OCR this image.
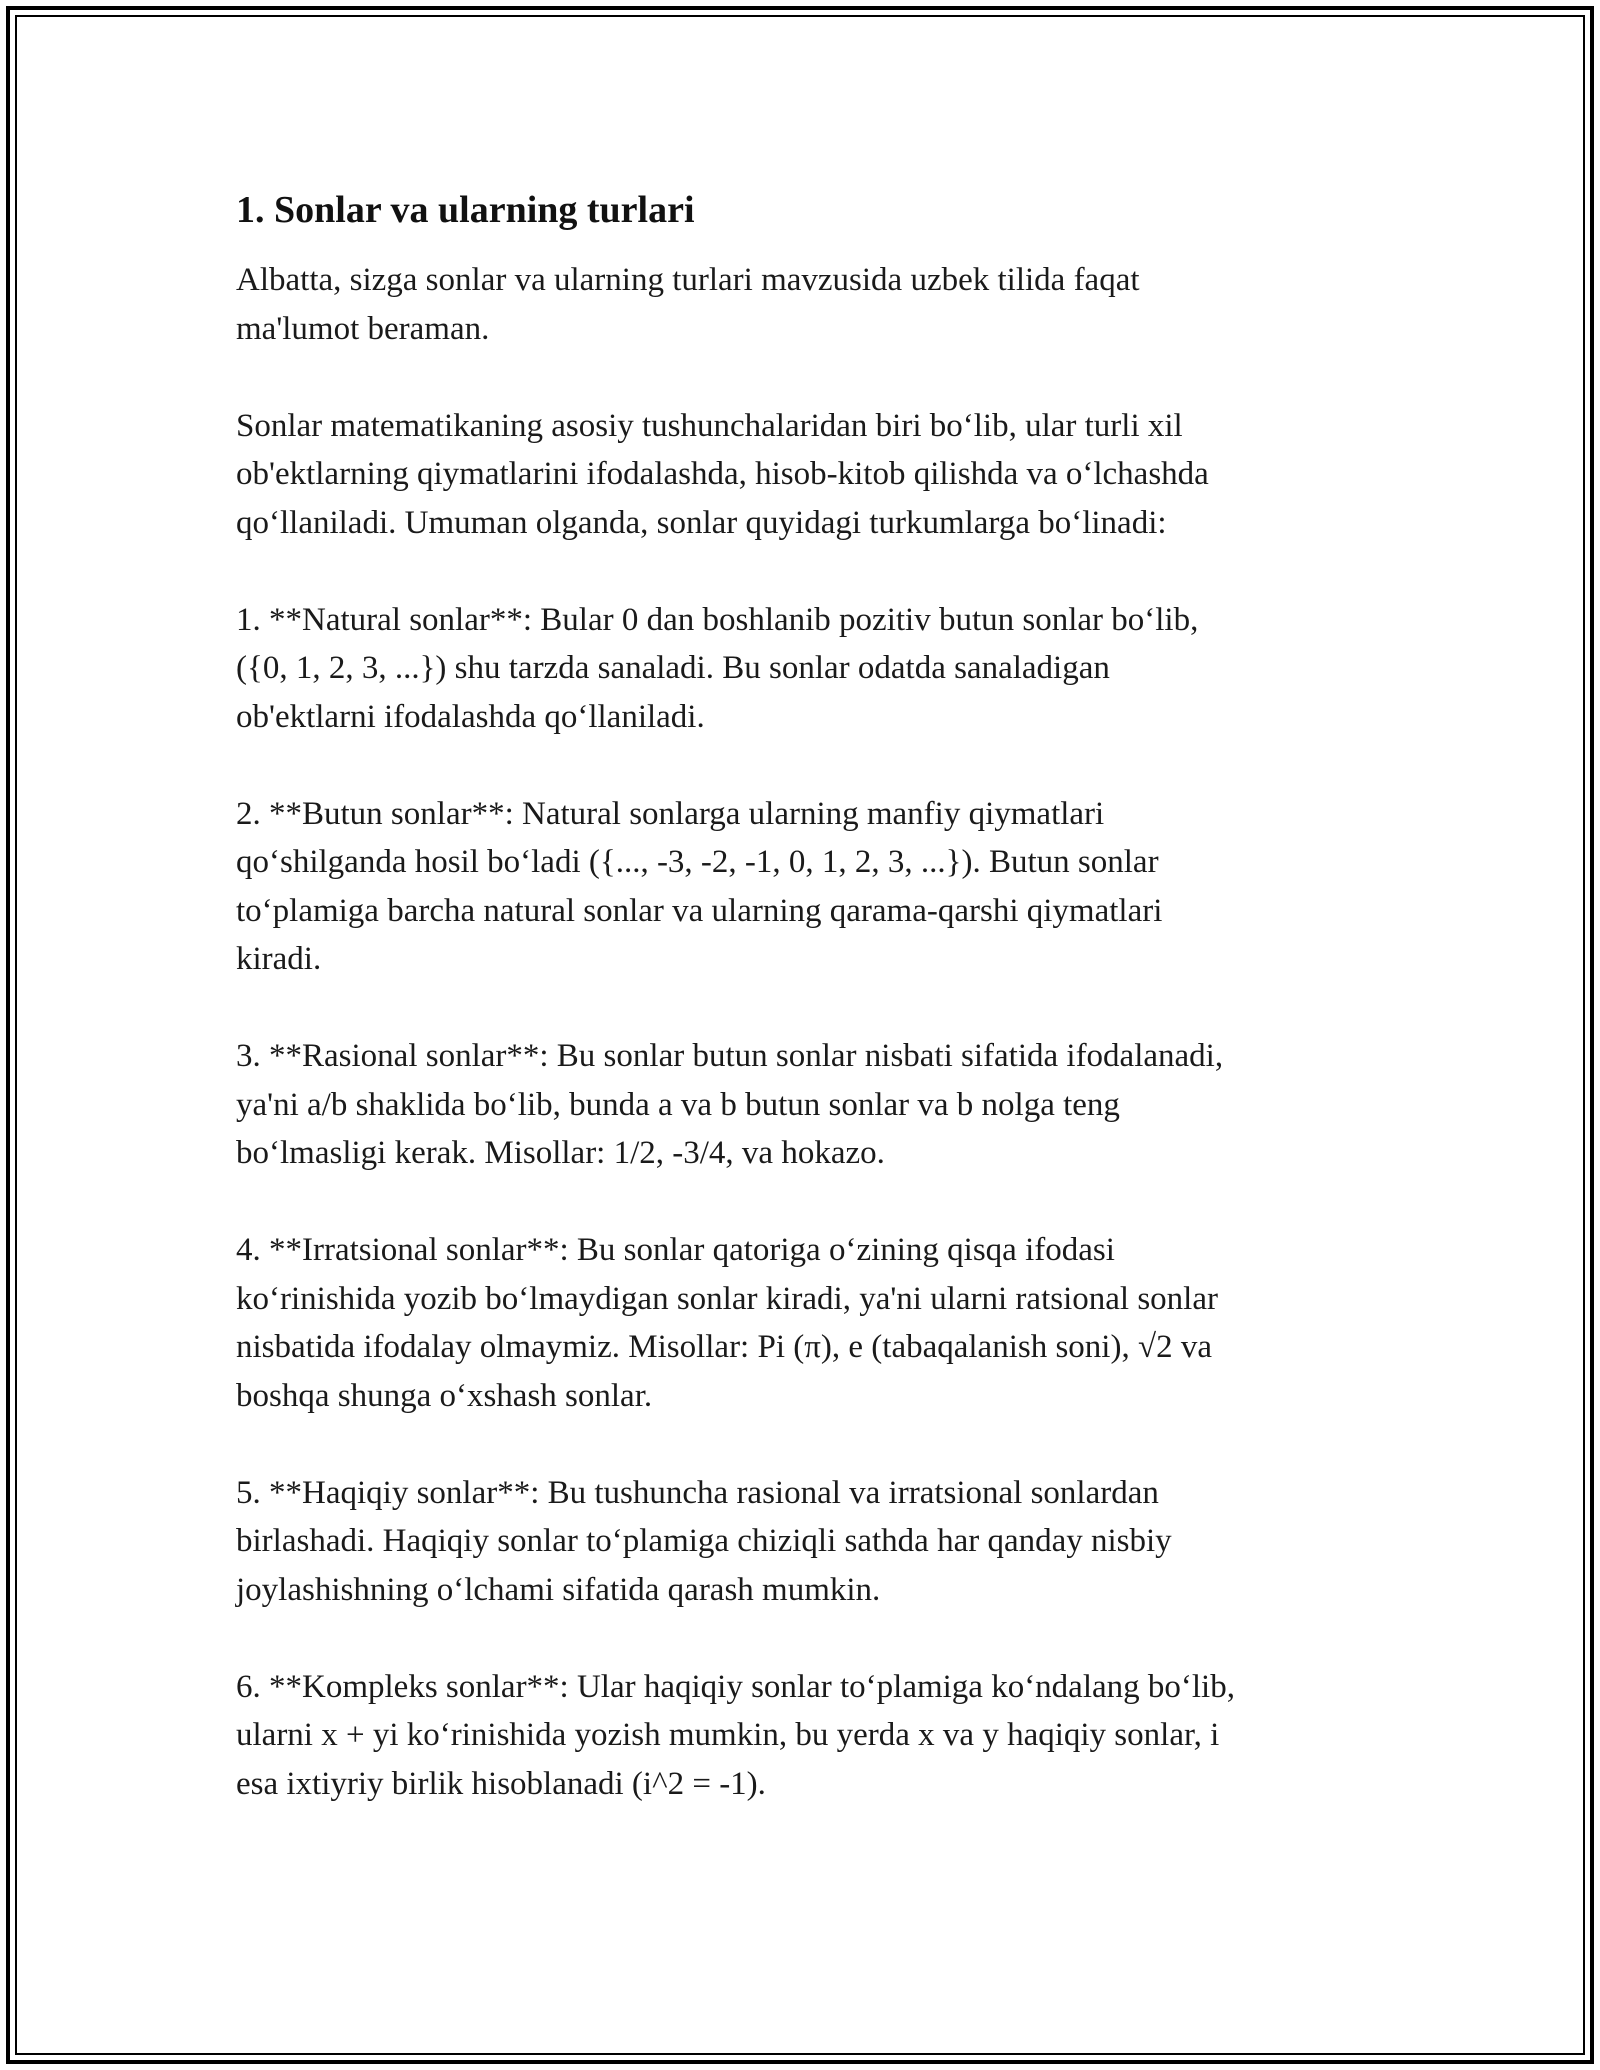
1. Sonlar va ularning turlari

Albatta, sizga sonlar va ularning turlari mavzusida uzbek tilida faqat
ma'lumot beraman.

Sonlar matematikaning asosiy tushunchalaridan biri bo‘lib, ular turli xil
ob'ektlarning qiymatlarini ifodalashda, hisob-kitob qilishda va o‘lchashda
qo‘llaniladi. Umuman olganda, sonlar quyidagi turkumlarga bo‘linadi:

1. **Natural sonlar**: Bular 0 dan boshlanib pozitiv butun sonlar bo‘lib,
({0, 1, 2, 3, ...}) shu tarzda sanaladi. Bu sonlar odatda sanaladigan
ob'ektlarni ifodalashda qo‘llaniladi.

2. **Butun sonlar**: Natural sonlarga ularning manfiy qiymatlari
qo‘shilganda hosil bo‘ladi ({..., -3, -2, -1, 0, 1, 2, 3, ...}). Butun sonlar
to‘plamiga barcha natural sonlar va ularning qarama-qarshi qiymatlari
kiradi.

3. **Rasional sonlar**: Bu sonlar butun sonlar nisbati sifatida ifodalanadi,
ya'ni a/b shaklida bo‘lib, bunda a va b butun sonlar va b nolga teng
bo‘lmasligi kerak. Misollar: 1/2, -3/4, va hokazo.

4. **Irratsional sonlar**: Bu sonlar qatoriga o‘zining qisqa ifodasi
ko‘rinishida yozib bo‘lmaydigan sonlar kiradi, ya'ni ularni ratsional sonlar
nisbatida ifodalay olmaymiz. Misollar: Pi (π), e (tabaqalanish soni), √2 va
boshqa shunga o‘xshash sonlar.

5. **Haqiqiy sonlar**: Bu tushuncha rasional va irratsional sonlardan
birlashadi. Haqiqiy sonlar to‘plamiga chiziqli sathda har qanday nisbiy
joylashishning o‘lchami sifatida qarash mumkin.

6. **Kompleks sonlar**: Ular haqiqiy sonlar to‘plamiga ko‘ndalang bo‘lib,
ularni x + yi ko‘rinishida yozish mumkin, bu yerda x va y haqiqiy sonlar, i
esa ixtiyriy birlik hisoblanadi (i^2 = -1).
